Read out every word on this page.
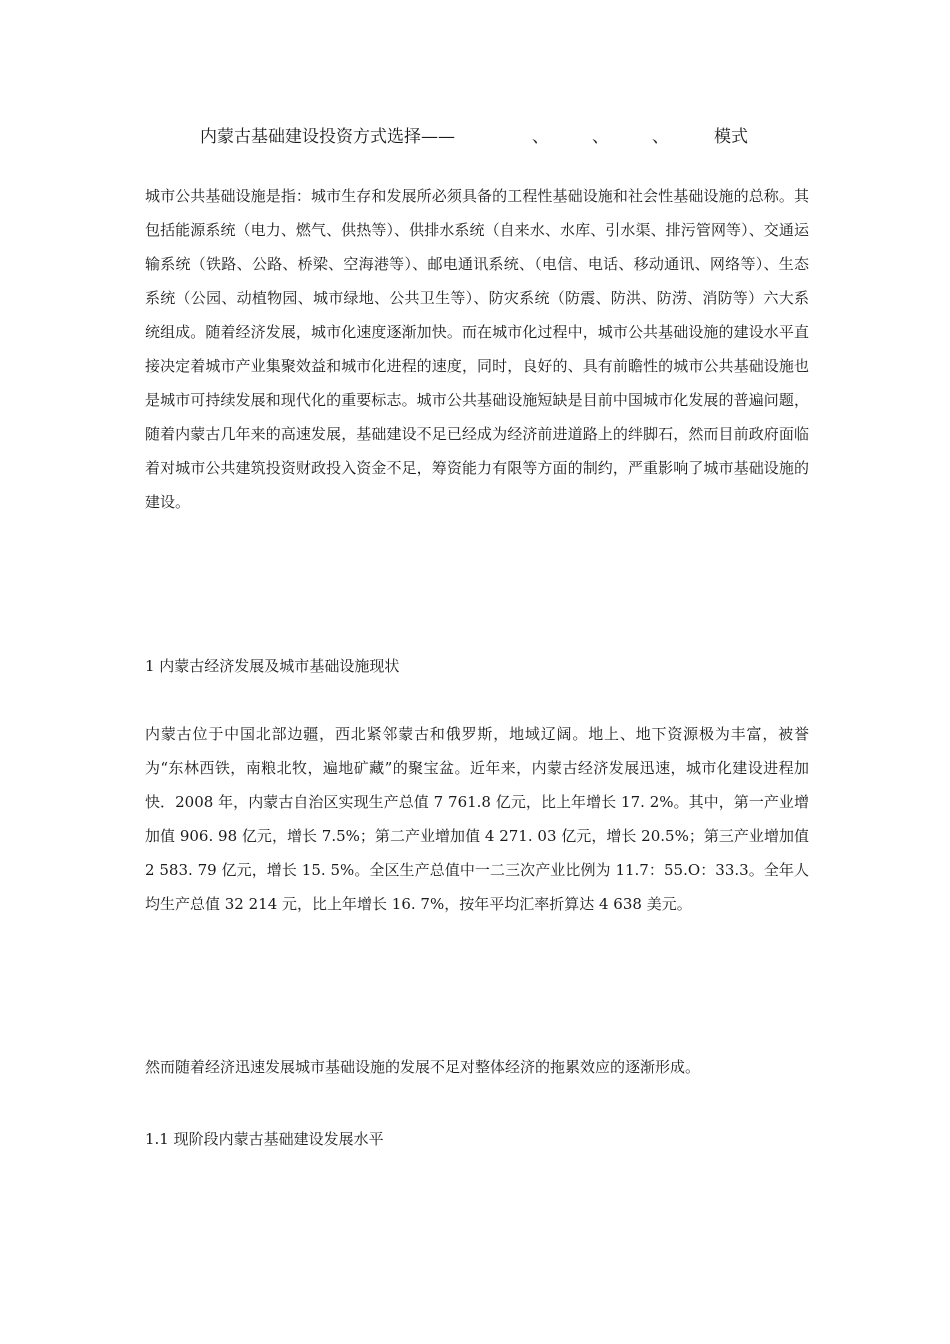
内蒙古基础建设投资方式选择——	、	、	、	模式

城市公共基础设施是指：城市生存和发展所必须具备的工程性基础设施和社会性基础设施的总称。其包括能源系统（电力、燃气、供热等）、供排水系统（自来水、水库、引水渠、排污管网等）、交通运输系统（铁路、公路、桥梁、空海港等）、邮电通讯系统、（电信、电话、移动通讯、网络等）、生态系统（公园、动植物园、城市绿地、公共卫生等）、防灾系统（防震、防洪、防涝、消防等）六大系统组成。随着经济发展，城市化速度逐渐加快。而在城市化过程中，城市公共基础设施的建设水平直接决定着城市产业集聚效益和城市化进程的速度，同时，良好的、具有前瞻性的城市公共基础设施也是城市可持续发展和现代化的重要标志。城市公共基础设施短缺是目前中国城市化发展的普遍问题，随着内蒙古几年来的高速发展，基础建设不足已经成为经济前进道路上的绊脚石，然而目前政府面临着对城市公共建筑投资财政投入资金不足，筹资能力有限等方面的制约，严重影响了城市基础设施的建设。

1 内蒙古经济发展及城市基础设施现状

内蒙古位于中国北部边疆，西北紧邻蒙古和俄罗斯，地域辽阔。地上、地下资源极为丰富，被誉为“东林西铁，南粮北牧，遍地矿藏”的聚宝盆。近年来，内蒙古经济发展迅速，城市化建设进程加快．2008 年，内蒙古自治区实现生产总值 7 761.8 亿元，比上年增长 17. 2%。其中，第一产业增加值 906. 98 亿元，增长 7.5%；第二产业增加值 4 271. 03 亿元，增长 20.5%；第三产业增加值 2 583. 79 亿元，增长 15. 5%。全区生产总值中一二三次产业比例为 11.7：55.O：33.3。全年人均生产总值 32 214 元，比上年增长 16. 7%，按年平均汇率折算达 4 638 美元。

然而随着经济迅速发展城市基础设施的发展不足对整体经济的拖累效应的逐渐形成。

1.1 现阶段内蒙古基础建设发展水平
